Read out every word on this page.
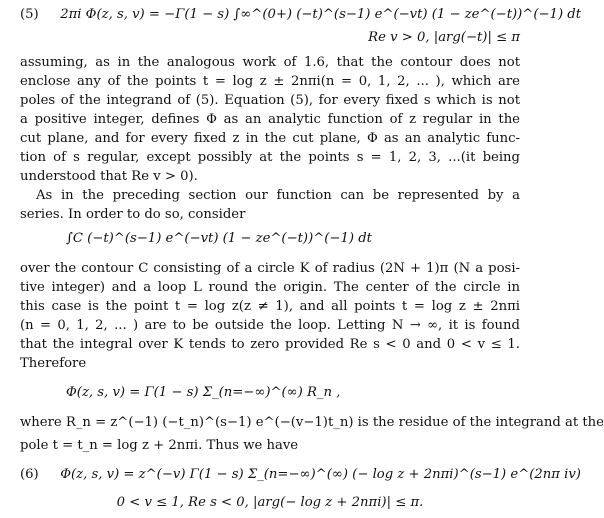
(5) 2πi Φ(z, s, v) = −Γ(1 − s) ∫∞^(0+) (−t)^(s−1) e^(−vt) (1 − ze^(−t))^(−1) dt
Re v > 0, |arg(−t)| ≤ π
assuming, as in the analogous work of 1.6, that the contour does not
enclose any of the points t = log z ± 2nπi(n = 0, 1, 2, ... ), which are
poles of the integrand of (5). Equation (5), for every fixed s which is not
a positive integer, defines Φ as an analytic function of z regular in the
cut plane, and for every fixed z in the cut plane, Φ as an analytic func-
tion of s regular, except possibly at the points s = 1, 2, 3, ...(it being
understood that Re v > 0).
As in the preceding section our function can be represented by a
series. In order to do so, consider
∫C (−t)^(s−1) e^(−vt) (1 − ze^(−t))^(−1) dt
over the contour C consisting of a circle K of radius (2N + 1)π (N a posi-
tive integer) and a loop L round the origin. The center of the circle in
this case is the point t = log z(z ≠ 1), and all points t = log z ± 2nπi
(n = 0, 1, 2, ... ) are to be outside the loop. Letting N → ∞, it is found
that the integral over K tends to zero provided Re s < 0 and 0 < v ≤ 1.
Therefore
Φ(z, s, v) = Γ(1 − s) Σ_(n=−∞)^(∞) R_n ,
where R_n = z^(−1) (−t_n)^(s−1) e^(−(v−1)t_n) is the residue of the integrand at the
pole t = t_n = log z + 2nπi. Thus we have
(6) Φ(z, s, v) = z^(−v) Γ(1 − s) Σ_(n=−∞)^(∞) (− log z + 2nπi)^(s−1) e^(2nπ iv)
0 < v ≤ 1, Re s < 0, |arg(− log z + 2nπi)| ≤ π.
